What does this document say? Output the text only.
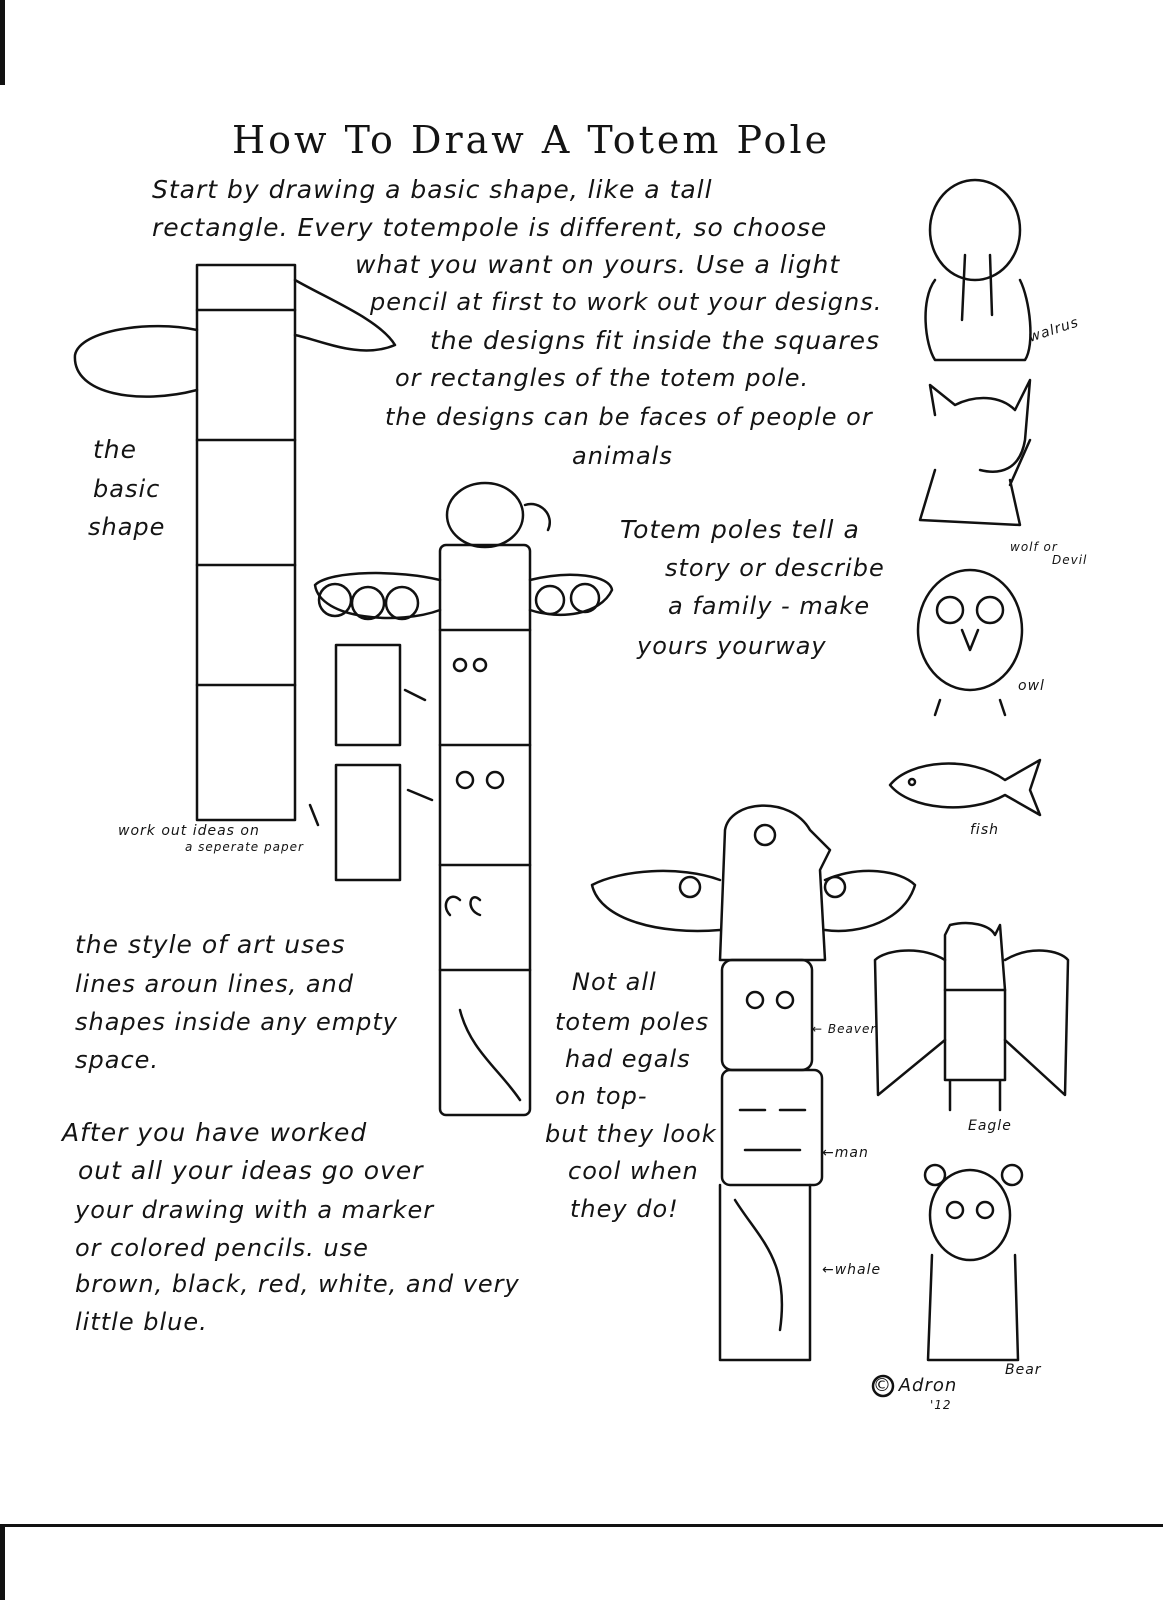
How To Draw A Totem Pole
Start by drawing a basic shape, like a tall
rectangle. Every totempole is different, so choose
what you want on yours. Use a light
pencil at first to work out your designs.
the designs fit inside the squares
or rectangles of the totem pole.
the designs can be faces of people or
animals
the
basic
shape	Totem poles tell a
story or describe
a family - make
yours yourway
work out ideas on
a seperate paper
the style of art uses
lines aroun lines, and
shapes inside any empty
space.
After you have worked
out all your ideas go over
your drawing with a marker
or colored pencils. use
brown, black, red, white, and very
little blue.
Not all
totem poles
had egals
on top-
but they look
cool when
they do!
← Beaver
←man
←whale
walrus
wolf or
Devil
owl
fish
Eagle
Bear
© Adron
'12
